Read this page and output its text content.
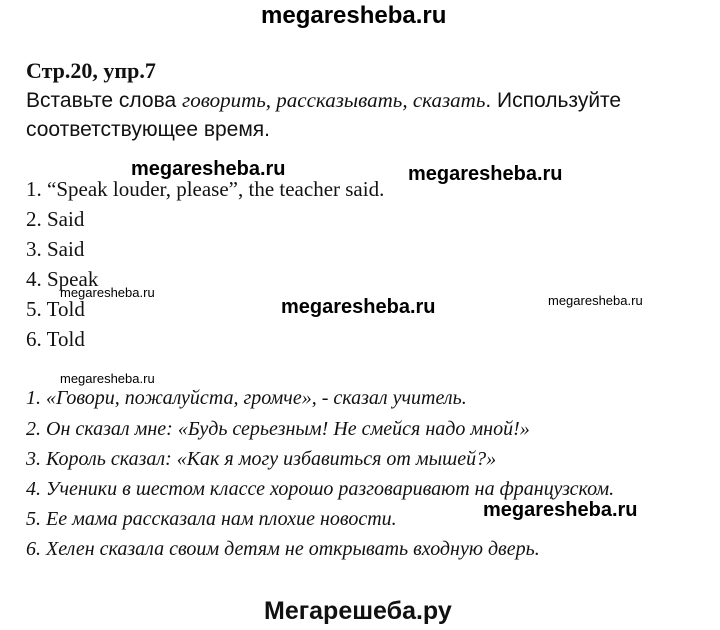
megaresheba.ru
Стр.20, упр.7
Вставьте слова говорить, рассказывать, сказать. Используйте
соответствующее время.
1. “Speak louder, please”, the teacher said.
2. Said
3. Said
4. Speak
5. Told
6. Told
1. «Говори, пожалуйста, громче», - сказал учитель.
2. Он сказал мне: «Будь серьезным! Не смейся надо мной!»
3. Король сказал: «Как я могу избавиться от мышей?»
4. Ученики в шестом классе хорошо разговаривают на французском.
5. Ее мама рассказала нам плохие новости.
6. Хелен сказала своим детям не открывать входную дверь.
megaresheba.ru	megaresheba.ru
megaresheba.ru
megaresheba.ru	megaresheba.ru
megaresheba.ru
megaresheba.ru
Мегарешеба.ру
